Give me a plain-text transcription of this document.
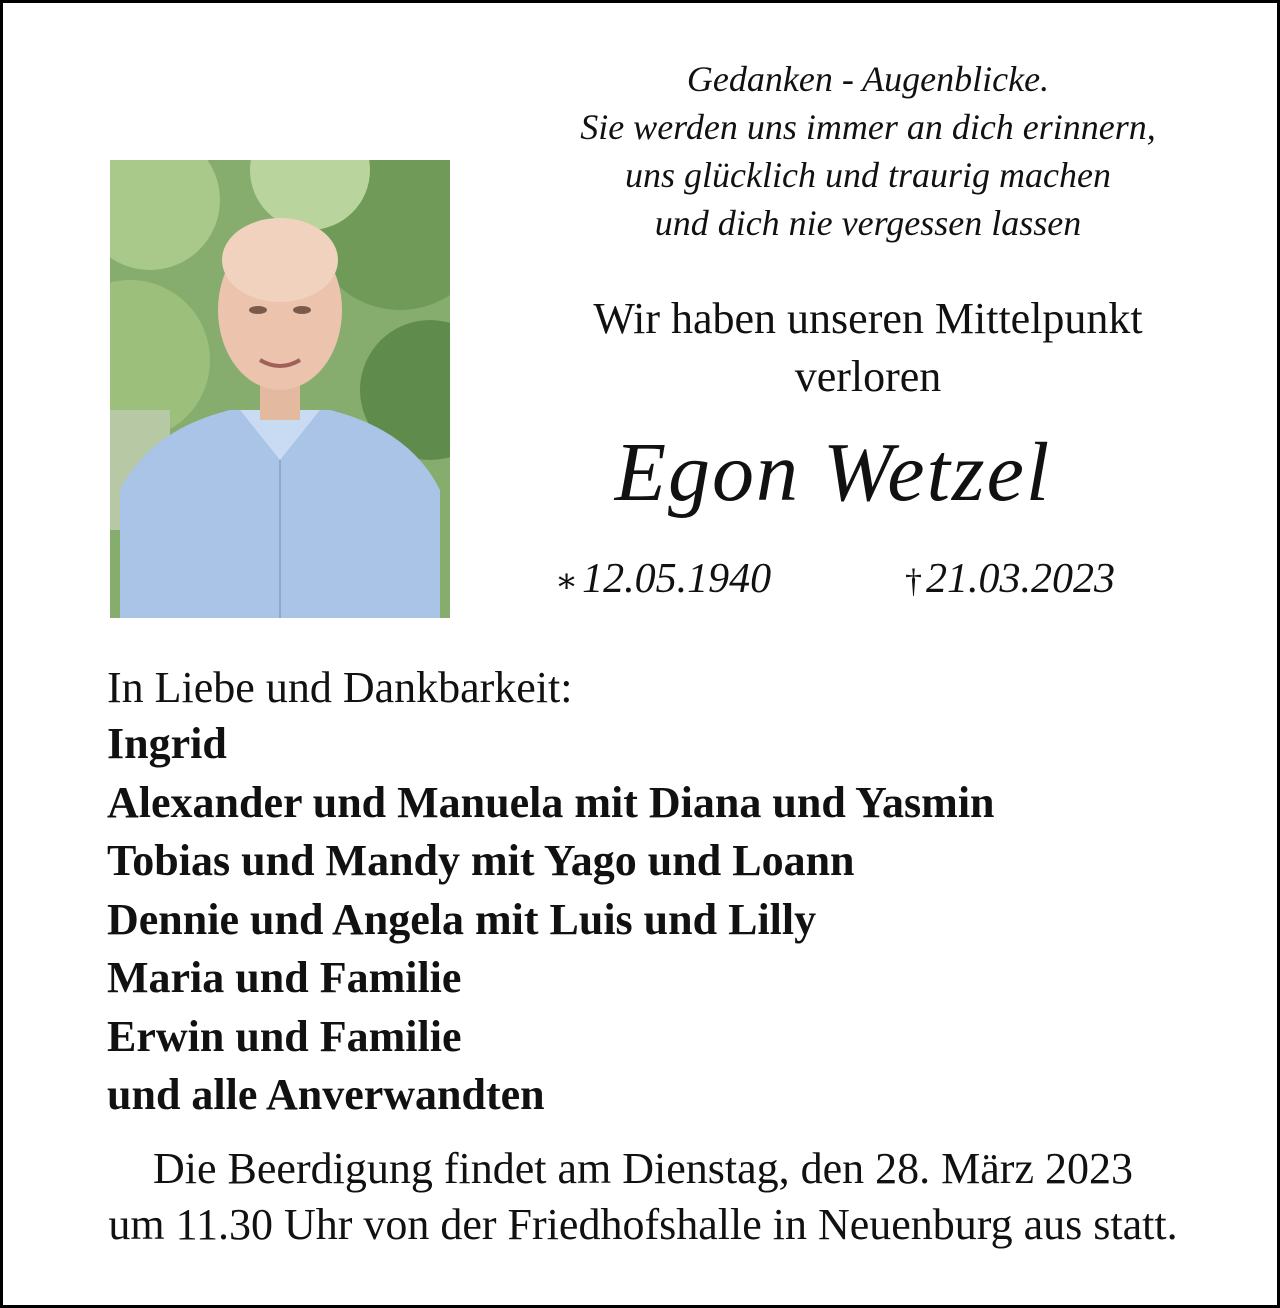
Gedanken - Augenblicke.
Sie werden uns immer an dich erinnern,
uns glücklich und traurig machen
und dich nie vergessen lassen
Wir haben unseren Mittelpunkt
verloren
Egon Wetzel
∗12.05.1940	†21.03.2023
In Liebe und Dankbarkeit:
Ingrid
Alexander und Manuela mit Diana und Yasmin
Tobias und Mandy mit Yago und Loann
Dennie und Angela mit Luis und Lilly
Maria und Familie
Erwin und Familie
und alle Anverwandten
Die Beerdigung findet am Dienstag, den 28. März 2023
um 11.30 Uhr von der Friedhofshalle in Neuenburg aus statt.
